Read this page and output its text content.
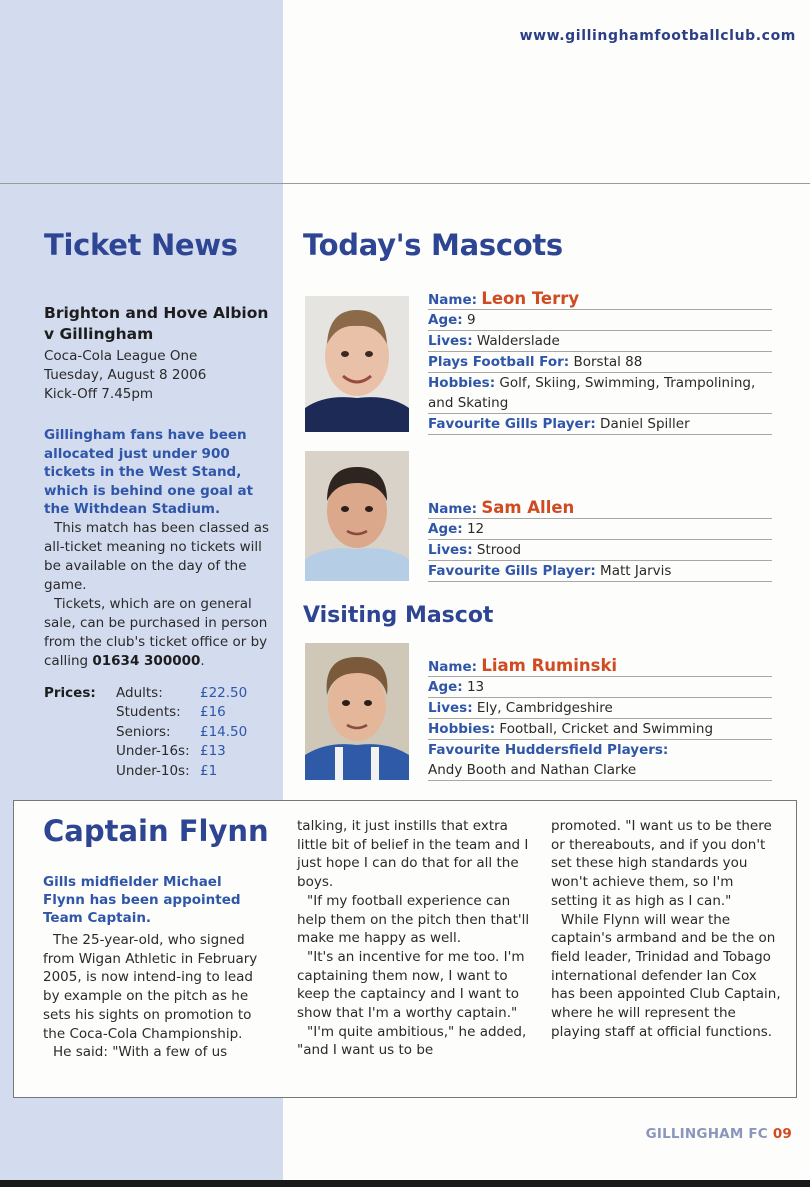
www.gillinghamfootballclub.com
Ticket News
Brighton and Hove Albion
v Gillingham
Coca-Cola League One
Tuesday, August 8 2006
Kick-Off 7.45pm
Gillingham fans have been allocated just under 900 tickets in the West Stand, which is behind one goal at the Withdean Stadium.

This match has been classed as all-ticket meaning no tickets will be available on the day of the game.

Tickets, which are on general sale, can be purchased in person from the club's ticket office or by calling 01634 300000.

Prices: Adults:	£22.50
Students: £16
Seniors: £14.50
Under-16s: £13
Under-10s: £1
Today's Mascots
Name: Leon Terry
Age: 9
Lives: Walderslade
Plays Football For: Borstal 88
Hobbies: Golf, Skiing, Swimming, Trampolining, and Skating
Favourite Gills Player: Daniel Spiller
Name: Sam Allen
Age: 12
Lives: Strood
Favourite Gills Player: Matt Jarvis
Visiting Mascot
Name: Liam Ruminski
Age: 13
Lives: Ely, Cambridgeshire
Hobbies: Football, Cricket and Swimming
Favourite Huddersfield Players:
Andy Booth and Nathan Clarke
Captain Flynn
Gills midfielder Michael Flynn has been appointed Team Captain.

The 25-year-old, who signed from Wigan Athletic in February 2005, is now intend-ing to lead by example on the pitch as he sets his sights on promotion to the Coca-Cola Championship.

He said: "With a few of us

talking, it just instills that extra little bit of belief in the team and I just hope I can do that for all the boys.

"If my football experience can help them on the pitch then that'll make me happy as well.

"It's an incentive for me too. I'm captaining them now, I want to keep the captaincy and I want to show that I'm a worthy captain."

"I'm quite ambitious," he added, "and I want us to be

promoted. "I want us to be there or thereabouts, and if you don't set these high standards you won't achieve them, so I'm setting it as high as I can."

While Flynn will wear the captain's armband and be the on field leader, Trinidad and Tobago international defender Ian Cox has been appointed Club Captain, where he will represent the playing staff at official functions.

GILLINGHAM FC 09
